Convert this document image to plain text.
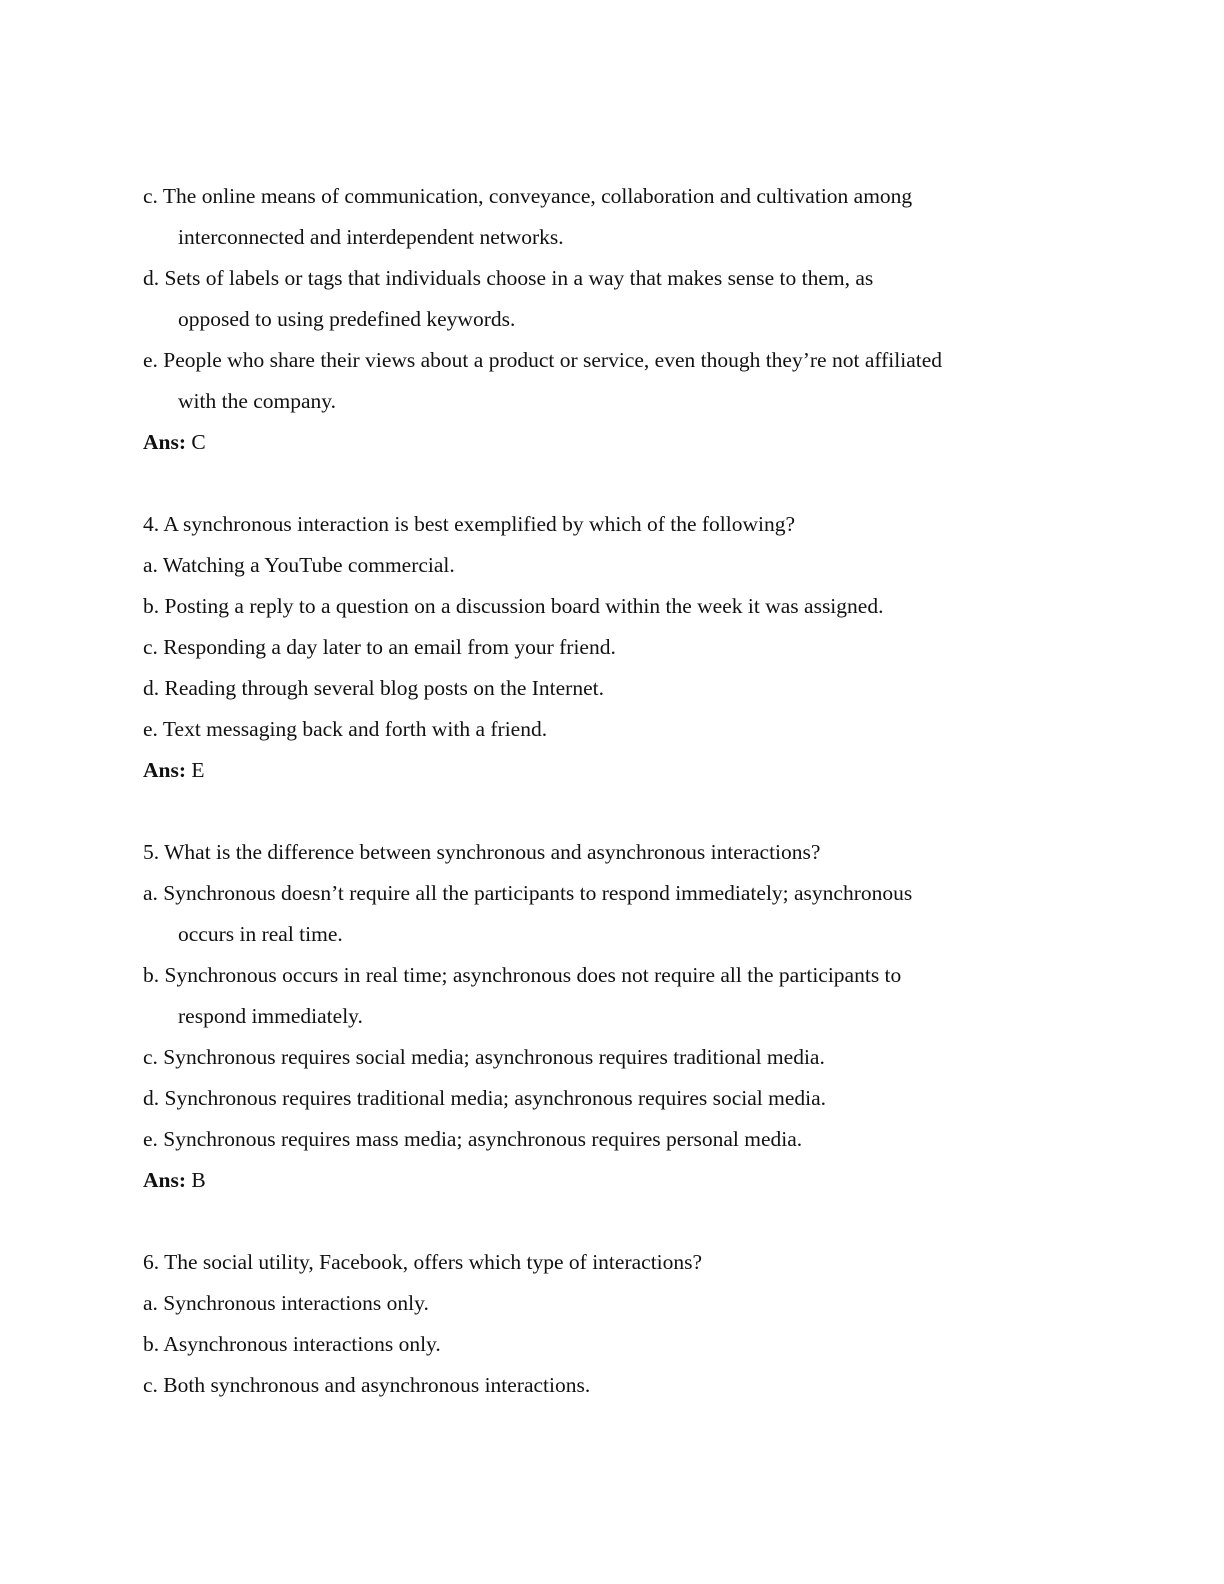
c. The online means of communication, conveyance, collaboration and cultivation among
interconnected and interdependent networks.
d. Sets of labels or tags that individuals choose in a way that makes sense to them, as
opposed to using predefined keywords.
e. People who share their views about a product or service, even though they’re not affiliated
with the company.
Ans: C
4. A synchronous interaction is best exemplified by which of the following?
a. Watching a YouTube commercial.
b. Posting a reply to a question on a discussion board within the week it was assigned.
c. Responding a day later to an email from your friend.
d. Reading through several blog posts on the Internet.
e. Text messaging back and forth with a friend.
Ans: E
5. What is the difference between synchronous and asynchronous interactions?
a. Synchronous doesn’t require all the participants to respond immediately; asynchronous
occurs in real time.
b. Synchronous occurs in real time; asynchronous does not require all the participants to
respond immediately.
c. Synchronous requires social media; asynchronous requires traditional media.
d. Synchronous requires traditional media; asynchronous requires social media.
e. Synchronous requires mass media; asynchronous requires personal media.
Ans: B
6. The social utility, Facebook, offers which type of interactions?
a. Synchronous interactions only.
b. Asynchronous interactions only.
c. Both synchronous and asynchronous interactions.
